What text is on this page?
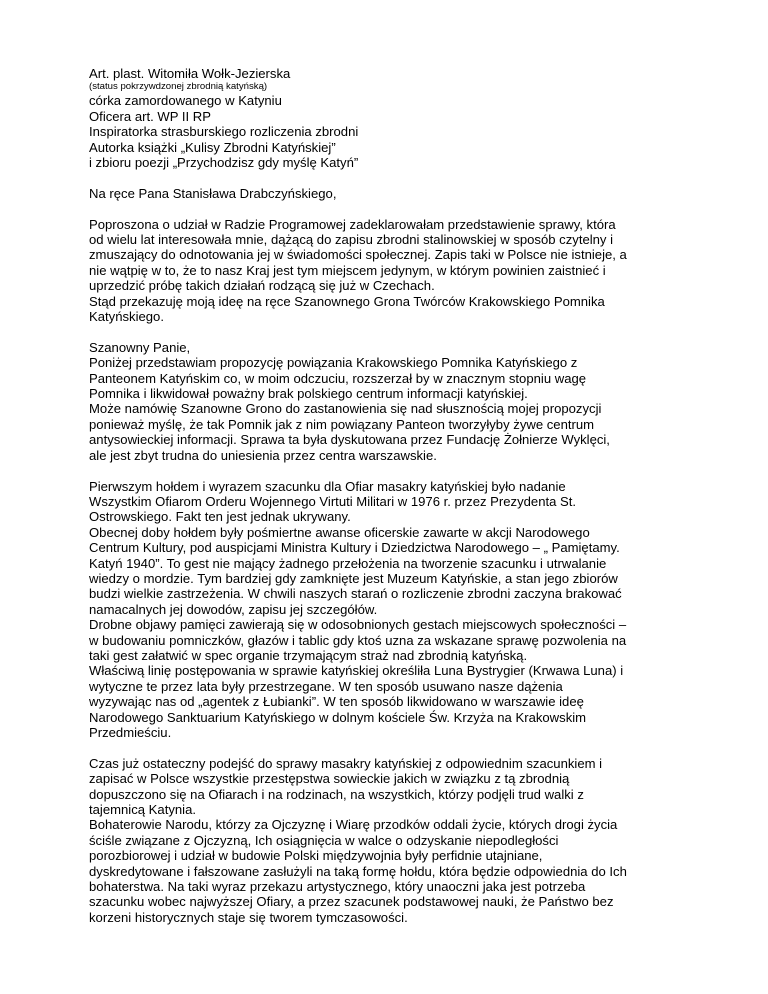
Art. plast. Witomiła Wołk-Jezierska
(status pokrzywdzonej zbrodnią katyńską)
córka zamordowanego w Katyniu
Oficera art. WP II RP
Inspiratorka strasburskiego rozliczenia zbrodni
Autorka książki „Kulisy Zbrodni Katyńskiej”
i zbioru poezji „Przychodzisz gdy myślę Katyń”
Na ręce Pana Stanisława Drabczyńskiego,
Poproszona o udział w Radzie Programowej zadeklarowałam przedstawienie sprawy, która
od wielu lat interesowała mnie, dążącą do zapisu zbrodni stalinowskiej w sposób czytelny i
zmuszający do odnotowania jej w świadomości społecznej. Zapis taki w Polsce nie istnieje, a
nie wątpię w to, że to nasz Kraj jest tym miejscem jedynym, w którym powinien zaistnieć i
uprzedzić próbę takich działań rodzącą się już w Czechach.
Stąd przekazuję moją ideę na ręce Szanownego Grona Twórców Krakowskiego Pomnika
Katyńskiego.
Szanowny Panie,
Poniżej przedstawiam propozycję powiązania Krakowskiego Pomnika Katyńskiego z
Panteonem Katyńskim co, w moim odczuciu, rozszerzał by w znacznym stopniu wagę
Pomnika i likwidował poważny brak polskiego centrum informacji katyńskiej.
Może namówię Szanowne Grono do zastanowienia się nad słusznością mojej propozycji
ponieważ myślę, że tak Pomnik jak z nim powiązany Panteon tworzyłyby żywe centrum
antysowieckiej informacji. Sprawa ta była dyskutowana przez Fundację Żołnierze Wyklęci,
ale jest zbyt trudna do uniesienia przez centra warszawskie.
Pierwszym hołdem i wyrazem szacunku dla Ofiar masakry katyńskiej było nadanie
Wszystkim Ofiarom Orderu Wojennego Virtuti Militari w 1976 r. przez Prezydenta St.
Ostrowskiego. Fakt ten jest jednak ukrywany.
Obecnej doby hołdem były pośmiertne awanse oficerskie zawarte w akcji Narodowego
Centrum Kultury, pod auspicjami Ministra Kultury i Dziedzictwa Narodowego – „ Pamiętamy.
Katyń 1940”. To gest nie mający żadnego przełożenia na tworzenie szacunku i utrwalanie
wiedzy o mordzie. Tym bardziej gdy zamknięte jest Muzeum Katyńskie, a stan jego zbiorów
budzi wielkie zastrzeżenia. W chwili naszych starań o rozliczenie zbrodni zaczyna brakować
namacalnych jej dowodów, zapisu jej szczegółów.
Drobne objawy pamięci zawierają się w odosobnionych gestach miejscowych społeczności –
w budowaniu pomniczków, głazów i tablic gdy ktoś uzna za wskazane sprawę pozwolenia na
taki gest załatwić w spec organie trzymającym straż nad zbrodnią katyńską.
Właściwą linię postępowania w sprawie katyńskiej określiła Luna Bystrygier (Krwawa Luna) i
wytyczne te przez lata były przestrzegane. W ten sposób usuwano nasze dążenia
wyzywając nas od „agentek z Łubianki”. W ten sposób likwidowano w warszawie ideę
Narodowego Sanktuarium Katyńskiego w dolnym kościele Św. Krzyża na Krakowskim
Przedmieściu.
Czas już ostateczny podejść do sprawy masakry katyńskiej z odpowiednim szacunkiem i
zapisać w Polsce wszystkie przestępstwa sowieckie jakich w związku z tą zbrodnią
dopuszczono się na Ofiarach i na rodzinach, na wszystkich, którzy podjęli trud walki z
tajemnicą Katynia.
Bohaterowie Narodu, którzy za Ojczyznę i Wiarę przodków oddali życie, których drogi życia
ściśle związane z Ojczyzną, Ich osiągnięcia w walce o odzyskanie niepodległości
porozbiorowej i udział w budowie Polski międzywojnia były perfidnie utajniane,
dyskredytowane i fałszowane zasłużyli na taką formę hołdu, która będzie odpowiednia do Ich
bohaterstwa. Na taki wyraz przekazu artystycznego, który unaoczni jaka jest potrzeba
szacunku wobec najwyższej Ofiary, a przez szacunek podstawowej nauki, że Państwo bez
korzeni historycznych staje się tworem tymczasowości.
